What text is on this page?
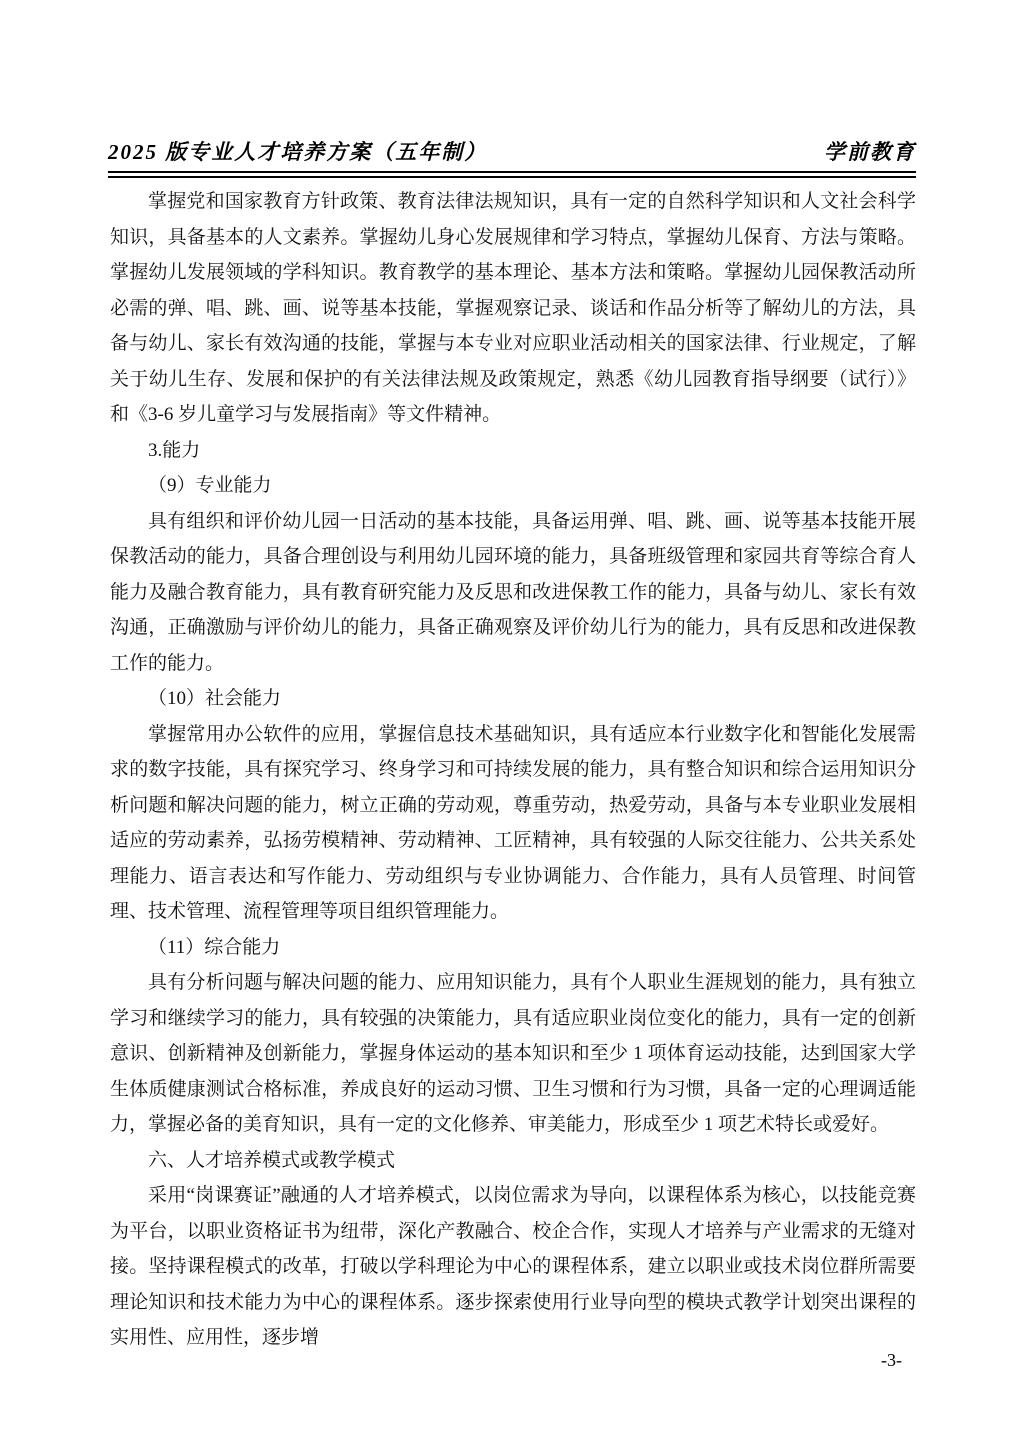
2025 版专业人才培养方案（五年制）	学前教育

掌握党和国家教育方针政策、教育法律法规知识，具有一定的自然科学知识和人文社会科学知识，具备基本的人文素养。掌握幼儿身心发展规律和学习特点，掌握幼儿保育、方法与策略。掌握幼儿发展领域的学科知识。教育教学的基本理论、基本方法和策略。掌握幼儿园保教活动所必需的弹、唱、跳、画、说等基本技能，掌握观察记录、谈话和作品分析等了解幼儿的方法，具备与幼儿、家长有效沟通的技能，掌握与本专业对应职业活动相关的国家法律、行业规定，了解关于幼儿生存、发展和保护的有关法律法规及政策规定，熟悉《幼儿园教育指导纲要（试行）》和《3-6 岁儿童学习与发展指南》等文件精神。

3.能力

（9）专业能力

具有组织和评价幼儿园一日活动的基本技能，具备运用弹、唱、跳、画、说等基本技能开展保教活动的能力，具备合理创设与利用幼儿园环境的能力，具备班级管理和家园共育等综合育人能力及融合教育能力，具有教育研究能力及反思和改进保教工作的能力，具备与幼儿、家长有效沟通，正确激励与评价幼儿的能力，具备正确观察及评价幼儿行为的能力，具有反思和改进保教工作的能力。

（10）社会能力

掌握常用办公软件的应用，掌握信息技术基础知识，具有适应本行业数字化和智能化发展需求的数字技能，具有探究学习、终身学习和可持续发展的能力，具有整合知识和综合运用知识分析问题和解决问题的能力，树立正确的劳动观，尊重劳动，热爱劳动，具备与本专业职业发展相适应的劳动素养，弘扬劳模精神、劳动精神、工匠精神，具有较强的人际交往能力、公共关系处理能力、语言表达和写作能力、劳动组织与专业协调能力、合作能力，具有人员管理、时间管理、技术管理、流程管理等项目组织管理能力。

（11）综合能力

具有分析问题与解决问题的能力、应用知识能力，具有个人职业生涯规划的能力，具有独立学习和继续学习的能力，具有较强的决策能力，具有适应职业岗位变化的能力，具有一定的创新意识、创新精神及创新能力，掌握身体运动的基本知识和至少 1 项体育运动技能，达到国家大学生体质健康测试合格标准，养成良好的运动习惯、卫生习惯和行为习惯，具备一定的心理调适能力，掌握必备的美育知识，具有一定的文化修养、审美能力，形成至少 1 项艺术特长或爱好。

六、人才培养模式或教学模式

采用“岗课赛证”融通的人才培养模式，以岗位需求为导向，以课程体系为核心，以技能竞赛为平台，以职业资格证书为纽带，深化产教融合、校企合作，实现人才培养与产业需求的无缝对接。坚持课程模式的改革，打破以学科理论为中心的课程体系，建立以职业或技术岗位群所需要理论知识和技术能力为中心的课程体系。逐步探索使用行业导向型的模块式教学计划突出课程的实用性、应用性，逐步增

-3-
